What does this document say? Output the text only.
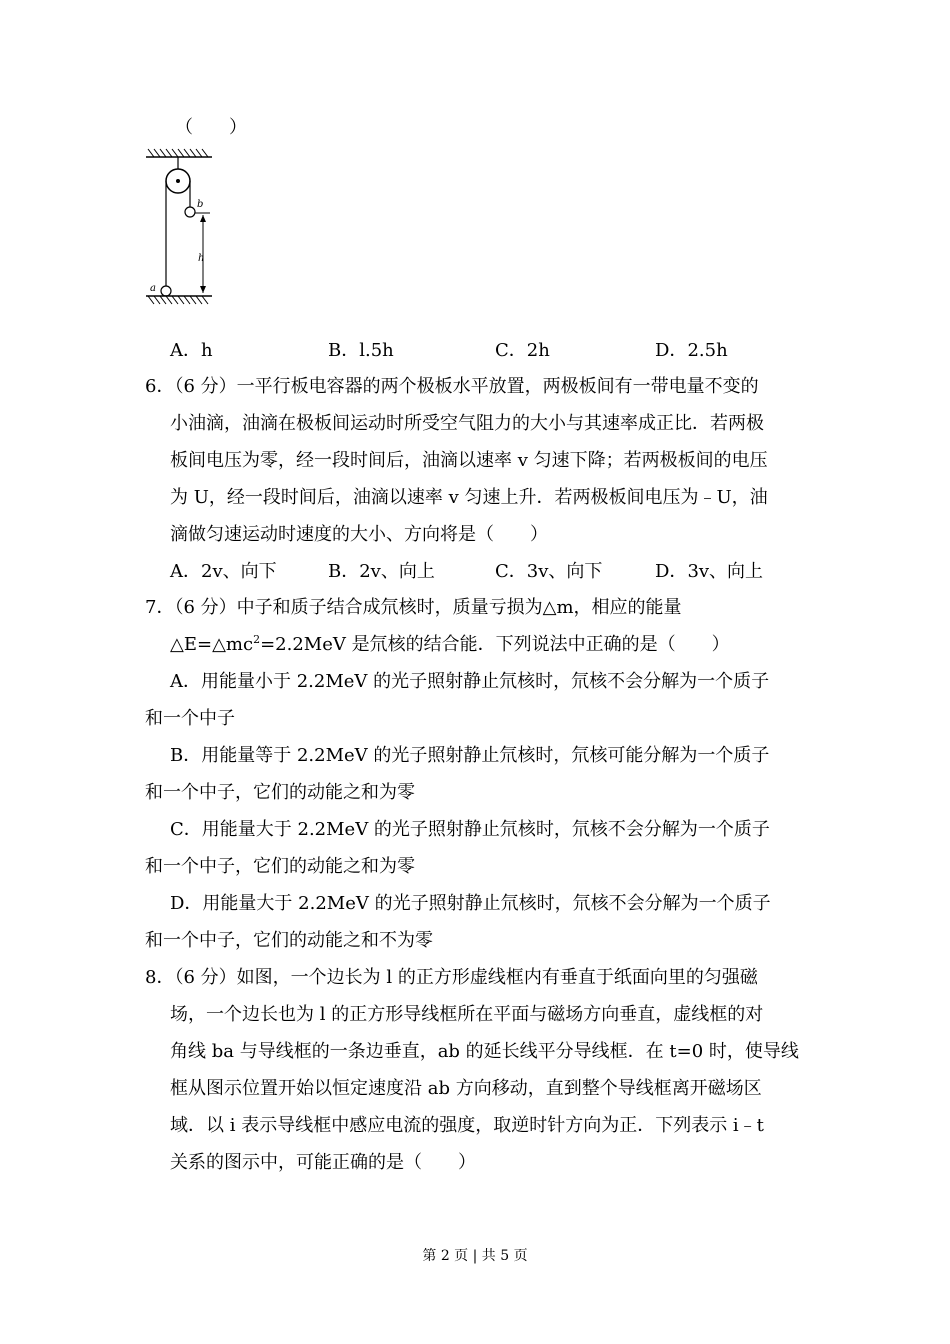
（　　）
b
h
a
A．h	B．l.5h	C．2h	D．2.5h
6．（6 分）一平行板电容器的两个极板水平放置，两极板间有一带电量不变的
小油滴，油滴在极板间运动时所受空气阻力的大小与其速率成正比．若两极
板间电压为零，经一段时间后，油滴以速率 v 匀速下降；若两极板间的电压
为 U，经一段时间后，油滴以速率 v 匀速上升．若两极板间电压为﹣U，油
滴做匀速运动时速度的大小、方向将是（　　）
A．2v、向下	B．2v、向上	C．3v、向下	D．3v、向上
7．（6 分）中子和质子结合成氘核时，质量亏损为△m，相应的能量
$\triangle E=\triangle mc^2=2.2MeV$ 是氘核的结合能．下列说法中正确的是（　　）
A．用能量小于 2.2MeV 的光子照射静止氘核时，氘核不会分解为一个质子
和一个中子
B．用能量等于 2.2MeV 的光子照射静止氘核时，氘核可能分解为一个质子
和一个中子，它们的动能之和为零
C．用能量大于 2.2MeV 的光子照射静止氘核时，氘核不会分解为一个质子
和一个中子，它们的动能之和为零
D．用能量大于 2.2MeV 的光子照射静止氘核时，氘核不会分解为一个质子
和一个中子，它们的动能之和不为零
8．（6 分）如图，一个边长为 l 的正方形虚线框内有垂直于纸面向里的匀强磁
场，一个边长也为 l 的正方形导线框所在平面与磁场方向垂直，虚线框的对
角线 ba 与导线框的一条边垂直，ab 的延长线平分导线框．在 t=0 时，使导线
框从图示位置开始以恒定速度沿 ab 方向移动，直到整个导线框离开磁场区
域．以 i 表示导线框中感应电流的强度，取逆时针方向为正．下列表示 i﹣t
关系的图示中，可能正确的是（　　）
第 2 页 | 共 5 页
